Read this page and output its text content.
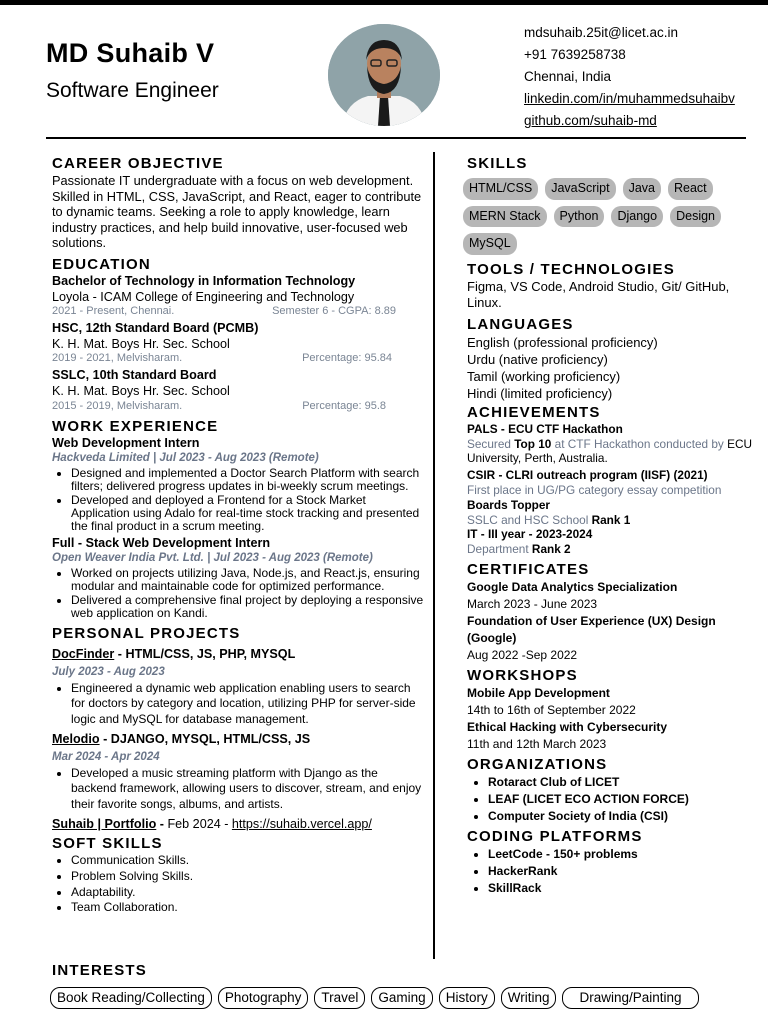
MD Suhaib V
Software Engineer
mdsuhaib.25it@licet.ac.in
+91 7639258738
Chennai, India
linkedin.com/in/muhammedsuhaibv
github.com/suhaib-md
CAREER OBJECTIVE
Passionate IT undergraduate with a focus on web development. Skilled in HTML, CSS, JavaScript, and React, eager to contribute to dynamic teams. Seeking a role to apply knowledge, learn industry practices, and help build innovative, user-focused web solutions.
EDUCATION
Bachelor of Technology in Information Technology
Loyola - ICAM College of Engineering and Technology
2021 - Present, Chennai.	Semester 6 - CGPA: 8.89
HSC, 12th Standard Board (PCMB)
K. H. Mat. Boys Hr. Sec. School
2019 - 2021, Melvisharam.	Percentage: 95.84
SSLC, 10th Standard Board
K. H. Mat. Boys Hr. Sec. School
2015 - 2019, Melvisharam.	Percentage: 95.8
WORK EXPERIENCE
Web Development Intern
Hackveda Limited | Jul 2023 - Aug 2023 (Remote)
• Designed and implemented a Doctor Search Platform with search filters; delivered progress updates in bi-weekly scrum meetings.
• Developed and deployed a Frontend for a Stock Market Application using Adalo for real-time stock tracking and presented the final product in a scrum meeting.
Full - Stack Web Development Intern
Open Weaver India Pvt. Ltd. | Jul 2023 - Aug 2023 (Remote)
• Worked on projects utilizing Java, Node.js, and React.js, ensuring modular and maintainable code for optimized performance.
• Delivered a comprehensive final project by deploying a responsive web application on Kandi.
PERSONAL PROJECTS
DocFinder - HTML/CSS, JS, PHP, MYSQL
July 2023 - Aug 2023
• Engineered a dynamic web application enabling users to search for doctors by category and location, utilizing PHP for server-side logic and MySQL for database management.
Melodio - DJANGO, MYSQL, HTML/CSS, JS
Mar 2024 - Apr 2024
• Developed a music streaming platform with Django as the backend framework, allowing users to discover, stream, and enjoy their favorite songs, albums, and artists.
Suhaib | Portfolio - Feb 2024 - https://suhaib.vercel.app/
SOFT SKILLS
• Communication Skills.
• Problem Solving Skills.
• Adaptability.
• Team Collaboration.
INTERESTS
Book Reading/Collecting	Photography	Travel	Gaming	History	Writing	Drawing/Painting
SKILLS
HTML/CSS	JavaScript	Java	React
MERN Stack	Python	Django	Design
MySQL
TOOLS / TECHNOLOGIES
Figma, VS Code, Android Studio, Git/ GitHub, Linux.
LANGUAGES
English (professional proficiency)
Urdu (native proficiency)
Tamil (working proficiency)
Hindi (limited proficiency)
ACHIEVEMENTS
PALS - ECU CTF Hackathon
Secured Top 10 at CTF Hackathon conducted by ECU University, Perth, Australia.
CSIR - CLRI outreach program (IISF) (2021)
First place in UG/PG category essay competition
Boards Topper
SSLC and HSC School Rank 1
IT - III year - 2023-2024
Department Rank 2
CERTIFICATES
Google Data Analytics Specialization
March 2023 - June 2023
Foundation of User Experience (UX) Design (Google)
Aug 2022 -Sep 2022
WORKSHOPS
Mobile App Development
14th to 16th of September 2022
Ethical Hacking with Cybersecurity
11th and 12th March 2023
ORGANIZATIONS
• Rotaract Club of LICET
• LEAF (LICET ECO ACTION FORCE)
• Computer Society of India (CSI)
CODING PLATFORMS
• LeetCode - 150+ problems
• HackerRank
• SkillRack
